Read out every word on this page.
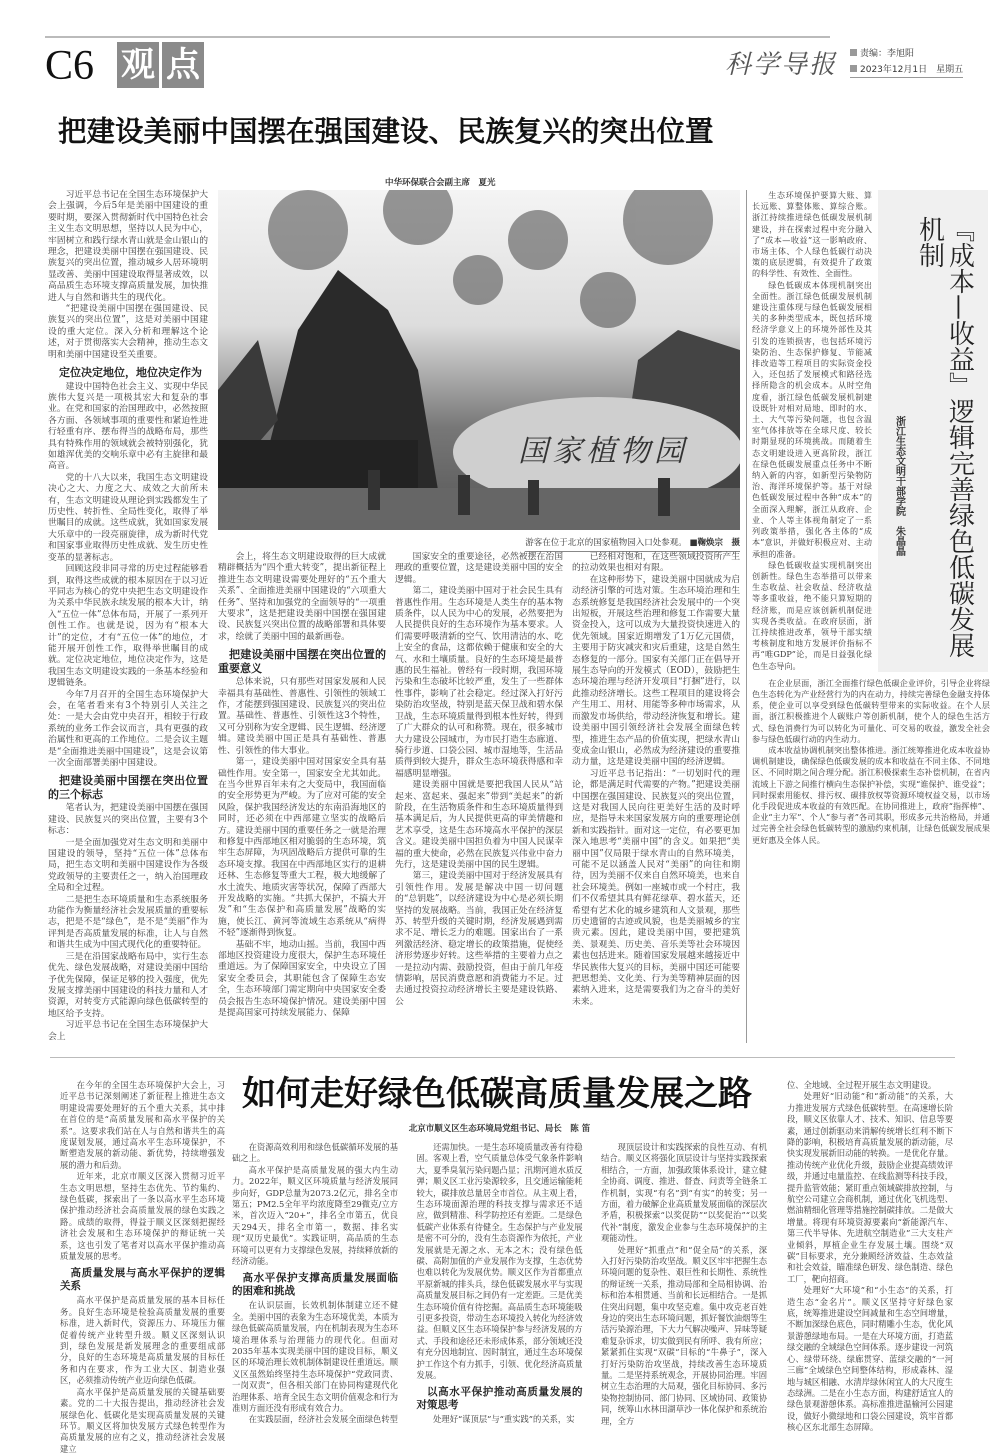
C6 观 点	科学导报	责编：李旭阳
2023年12月1日　星期五
把建设美丽中国摆在强国建设、民族复兴的突出位置
中华环保联合会副主席　夏光

习近平总书记在全国生态环境保护大会上强调，今后5年是美丽中国建设的重要时期，要深入贯彻新时代中国特色社会主义生态文明思想，坚持以人民为中心，牢固树立和践行绿水青山就是金山银山的理念，把建设美丽中国摆在强国建设、民族复兴的突出位置，推动城乡人居环境明显改善、美丽中国建设取得显著成效，以高品质生态环境支撑高质量发展，加快推进人与自然和谐共生的现代化。

“把建设美丽中国摆在强国建设、民族复兴的突出位置”，这是对美丽中国建设的重大定位。深入分析和理解这个论述，对于贯彻落实大会精神，推动生态文明和美丽中国建设至关重要。

定位决定地位，地位决定作为

建设中国特色社会主义、实现中华民族伟大复兴是一项极其宏大和复杂的事业。在党和国家的治国理政中，必然按照各方面、各领域事项的重要性和紧迫性进行轻重有序、摆布得当的战略布局，那些具有特殊作用的领域就会被特别强化，犹如雄浑优美的交响乐章中必有主旋律和最高音。

党的十八大以来，我国生态文明建设决心之大、力度之大、成效之大前所未有，生态文明建设从理论到实践都发生了历史性、转折性、全局性变化，取得了举世瞩目的成就。这些成就，犹如国家发展大乐章中的一段亮丽旋律，成为新时代党和国家事业取得历史性成就、发生历史性变革的显著标志。

回顾这段非同寻常的历史过程能够看到，取得这些成就的根本原因在于以习近平同志为核心的党中央把生态文明建设作为关系中华民族永续发展的根本大计，纳入“五位一体”总体布局，开展了一系列开创性工作。也就是说，因为有“根本大计”的定位，才有“五位一体”的地位，才能开展开创性工作，取得举世瞩目的成就。定位决定地位，地位决定作为，这是我国生态文明建设实践的一条基本经验和逻辑链条。

今年7月召开的全国生态环境保护大会，在笔者看来有3个特别引人关注之处：一是大会由党中央召开，相较于行政系统的业务工作会议而言，具有更强的政治属性和更高的工作地位。二是会议主题是“全面推进美丽中国建设”，这是会议第一次全面部署美丽中国建设。

把建设美丽中国摆在突出位置的三个标志

笔者认为，把建设美丽中国摆在强国建设、民族复兴的突出位置，主要有3个标志：

一是全面加强党对生态文明和美丽中国建设的领导，坚持“五位一体”总体布局，把生态文明和美丽中国建设作为各级党政领导的主要责任之一，纳入治国理政全局和全过程。

二是把生态环境质量和生态系统服务功能作为衡量经济社会发展质量的重要标志，把是不是“绿色”，是不是“美丽”作为评判是否高质量发展的标准，让人与自然和谐共生成为中国式现代化的重要特征。

三是在沿国家战略布局中，实行生态优先、绿色发展战略，对建设美丽中国给予优先保障，保证足够的投入强度，优先发展支撑美丽中国建设的科技力量和人才资源，对转变方式能源向绿色低碳转型的地区给予支持。

习近平总书记在全国生态环境保护大会上

国家植物园
游客在位于北京的国家植物园入口处参观。 ■鞠焕宗　摄

会上，将生态文明建设取得的巨大成就精辟概括为“四个重大转变”，提出新征程上推进生态文明建设需要处理好的“五个重大关系”、全面推进美丽中国建设的“六项重大任务”、坚持和加强党的全面领导的“一项重大要求”，这是把建设美丽中国摆在强国建设、民族复兴突出位置的战略部署和具体要求，绘就了美丽中国的最新画卷。

把建设美丽中国摆在突出位置的重要意义

总体来说，只有那些对国家发展和人民幸福具有基础性、普惠性、引领性的领域工作，才能摆到强国建设、民族复兴的突出位置。基础性、普惠性、引领性这3个特性，又可分别称为安全逻辑、民生逻辑、经济逻辑。建设美丽中国正是具有基础性、普惠性、引领性的伟大事业。

第一，建设美丽中国对国家安全具有基础性作用。安全第一，国家安全尤其如此。在当今世界百年未有之大变局中，我国面临的安全形势更为严峻。为了应对可能的安全风险，保护我国经济发达的东南沿海地区的同时，还必须在中西部建立坚实的战略后方。建设美丽中国的重要任务之一就是治理和修复中西部地区相对脆弱的生态环境，筑牢生态屏障，为巩固战略后方提供可靠的生态环境支撑。我国在中西部地区实行的退耕还林、生态修复等重大工程，极大地缓解了水土流失、地质灾害等状况，保障了西部大开发战略的实施。“共抓大保护，不搞大开发”和“生态保护和高质量发展”战略的实施，使长江、黄河等流域生态系统从“病得不轻”逐渐得到恢复。

基础不牢，地动山摇。当前，我国中西部地区投资建设力度很大，保护生态环境任重道远。为了保障国家安全，中央设立了国家安全委员会，其职能包含了保障生态安全，生态环境部门需定期向中央国家安全委员会报告生态环境保护情况。建设美丽中国是提高国家可持续发展能力、保障

国家安全的重要途径，必然被摆在治国理政的重要位置，这是建设美丽中国的安全逻辑。

第二，建设美丽中国对于社会民生具有普惠性作用。生态环境是人类生存的基本物质条件，以人民为中心的发展，必然要把为人民提供良好的生态环境作为基本要求。人们需要呼吸清新的空气、饮用清洁的水、吃上安全的食品，这都依赖于健康和安全的大气、水和土壤质量。良好的生态环境是最普惠的民生福祉。曾经有一段时期，我国环境污染和生态破坏比较严重，发生了一些群体性事件，影响了社会稳定。经过深入打好污染防治攻坚战，特别是蓝天保卫战和碧水保卫战，生态环境质量得到根本性好转，得到了广大群众的认可和称赞。现在，很多城市大力建设公园城市，为市民打造生态廊道、骑行步道、口袋公园、城市湿地等，生活品质得到较大提升，群众生态环境获得感和幸福感明显增强。

建设美丽中国就是要把我国人民从“站起来、富起来、强起来”带到“美起来”的新阶段，在生活物质条件和生态环境质量得到基本满足后，为人民提供更高的审美情趣和艺术享受，这是生态环境高水平保护的深层含义。建设美丽中国担负着为中国人民谋幸福的重大使命，必然在民族复兴伟业中奋力先行，这是建设美丽中国的民生逻辑。

第三，建设美丽中国对于经济发展具有引领性作用。发展是解决中国一切问题的“总钥匙”，以经济建设为中心是必须长期坚持的发展战略。当前，我国正处在经济复苏、转型升级的关键时期，经济发展遇到需求不足、增长乏力的难题。国家出台了一系列激活经济、稳定增长的政策措施，促使经济形势逐步好转。这些举措的主要着力点之一是拉动内需、鼓励投资，但由于前几年疫情影响，居民消费意愿和消费能力不足。过去通过投资拉动经济增长主要是建设铁路、公

已经相对饱和，在这些领域投资所产生的拉动效果也相对有限。

在这种形势下，建设美丽中国就成为启动经济引擎的可选对策。生态环境治理和生态系统修复是我国经济社会发展中的一个突出短板，开展这些治理和修复工作需要大量资金投入，这可以成为大量投资快速进入的优先领域。国家近期增发了1万亿元国债，主要用于防灾减灾和灾后重建，这是自然生态修复的一部分。国家有关部门正在倡导开展生态导向的开发模式（EOD），鼓励把生态环境治理与经济开发项目“打捆”进行，以此推动经济增长。这些工程项目的建设将会产生用工、用材、用能等多种市场需求，从而激发市场供给，带动经济恢复和增长。建设美丽中国引领经济社会发展全面绿色转型，推进生态产品的价值实现，把绿水青山变成金山银山，必然成为经济建设的重要推动力量，这是建设美丽中国的经济逻辑。

习近平总书记指出：“一切划时代的理论，都是满足时代需要的产物。”把建设美丽中国摆在强国建设、民族复兴的突出位置，这是对我国人民向往更美好生活的及时呼应，是指导未来国家发展方向的重要理论创新和实践指针。面对这一定位，有必要更加深入地思考“美丽中国”的含义。如果把“美丽中国”仅局限于绿水青山的自然环境美，可能不足以涵盖人民对“美丽”的向往和期待，因为美丽不仅来自自然环境美，也来自社会环境美。例如一座城市或一个村庄，我们不仅希望其具有鲜花绿草、碧水蓝天，还希望有艺术化的城乡建筑和人文景观，那些历史遗留的古迹或风貌，也是美丽城乡的宝贵元素。因此，建设美丽中国，要把建筑美、景观美、历史美、音乐美等社会环境因素也包括进来。随着国家发展越来越接近中华民族伟大复兴的目标，美丽中国还可能要把思想美、文化美、行为美等精神层面的因素纳入进来，这是需要我们为之奋斗的美好未来。

生态环境保护要算大账、算长远账、算整体账、算综合账。浙江持续推进绿色低碳发展机制建设，并在探索过程中充分融入了“成本—收益”这一影响政府、市场主体、个人绿色低碳行动决策的底层逻辑，有效提升了政策的科学性、有效性、全面性。

绿色低碳成本体现机制突出全面性。浙江绿色低碳发展机制建设注重体现与绿色低碳发展相关的多种类型成本，既包括环境经济学意义上的环境外部性及其引发的连锁损害，也包括环境污染防治、生态保护修复、节能减排改造等工程项目的实际资金投入，还包括了发展模式和路径选择所隐含的机会成本。从时空角度看，浙江绿色低碳发展机制建设既针对相对局地、即时的水、土、大气等污染问题，也包含温室气体排放等在全球尺度、较长时期显现的环境挑战。而随着生态文明建设进入更高阶段，浙江在绿色低碳发展重点任务中不断纳入新的内容，如新型污染物防治、海洋环境保护等。基于对绿色低碳发展过程中各种“成本”的全面深入理解，浙江从政府、企业、个人等主体视角制定了一系列政策举措，强化各主体的“成本”意识，并做好积极应对、主动承担的准备。

绿色低碳收益实现机制突出创新性。绿色生态举措可以带来生态收益、社会收益、经济收益等多重收益，绝不能只算短期的经济账，而是应该创新机制促进实现各类收益。在政府层面，浙江持续推进改革，领导干部实绩考核制度和地方发展评价指标不再“唯GDP”论，而是日益强化绿色生态导向。

『成本—收益』逻辑完善绿色低碳发展机制
浙江生态文明干部学院　朱晶晶

在企业层面，浙江全面推行绿色低碳企业评价，引导企业将绿色生态转化为产业经营行为的内在动力，持续完善绿色金融支持体系，使企业可以享受到绿色低碳转型带来的实际收益。在个人层面，浙江积极推进个人碳账户等创新机制，使个人的绿色生活方式、绿色消费行为可以转化为可量化、可交易的收益，激发全社会参与绿色低碳行动的内生动力。

成本收益协调机制突出整体推进。浙江统筹推进化成本收益协调机制建设，确保绿色低碳发展的成本和收益在不同主体、不同地区、不同时期之间合理分配。浙江积极探索生态补偿机制，在省内流域上下游之间推行横向生态保护补偿，实现“谁保护、谁受益”；同时探索用能权、排污权、碳排放权等资源环境权益交易，以市场化手段促进成本收益的有效匹配。在协同推进上，政府“指挥棒”、企业“主力军”、个人“参与者”各司其职，形成多元共治格局，并通过完善全社会绿色低碳转型的激励约束机制，让绿色低碳发展成果更好惠及全体人民。

在今年的全国生态环境保护大会上，习近平总书记深刻阐述了新征程上推进生态文明建设需要处理好的五个重大关系，其中排在首位的是“高质量发展和高水平保护的关系”。这要求我们站在人与自然和谐共生的高度谋划发展，通过高水平生态环境保护，不断塑造发展的新动能、新优势，持续增强发展的潜力和后劲。

近年来，北京市顺义区深入贯彻习近平生态文明思想，坚持生态优先、节约集约、绿色低碳，探索出了一条以高水平生态环境保护推动经济社会高质量发展的绿色实践之路。成绩的取得，得益于顺义区深刻把握经济社会发展和生态环境保护的辩证统一关系，这也引发了笔者对以高水平保护推动高质量发展的思考。

高质量发展与高水平保护的逻辑关系

高水平保护是高质量发展的基本目标任务。良好生态环境是检验高质量发展的重要标准，进入新时代，资源压力、环境压力催促着传统产业转型升级。顺义区深刻认识到，绿色发展是新发展理念的重要组成部分，良好的生态环境是高质量发展的目标任务和内在要求，作为工业大区、制造业强区，必须推动传统产业迈向绿色低碳。

高水平保护是高质量发展的关键基础要素。党的二十大报告提出，推动经济社会发展绿色化、低碳化是实现高质量发展的关键环节。顺义区将加快发展方式绿色转型作为高质量发展的应有之义，推动经济社会发展建立

如何走好绿色低碳高质量发展之路
北京市顺义区生态环境局党组书记、局长　陈 笛

在资源高效利用和绿色低碳循环发展的基础之上。

高水平保护是高质量发展的强大内生动力。2022年，顺义区环境质量与经济发展同步向好，GDP总量为2073.2亿元，排名全市第五；PM2.5全年平均浓度降至29微克/立方米，首次迈入“20+”，排名全市第五，优良天294天，排名全市第一，数据、排名实现“双历史最优”。实践证明，高品质的生态环境可以更有力支撑绿色发展，持续释放新的经济动能。

高水平保护支撑高质量发展面临的困难和挑战

在认识层面，长效机制体制建立还不健全。美丽中国的表象为生态环境优美，本质为绿色低碳高质量发展，内在机制表现为生态环境治理体系与治理能力的现代化。但面对2035年基本实现美丽中国的建设目标，顺义区的环境治理长效机制体制建设任重道远。顺义区虽然始终坚持生态环境保护“党政同责、一岗双责”，但各相关部门在协同构建现代化治理体系、培育全民生态文明价值观念和行为准则方面还没有形成有效合力。

在实践层面，经济社会发展全面绿色转型

还需加快。一是生态环境质量改善有待稳固。客观上看，空气质量总体受气象条件影响大，夏季臭氧污染问题凸显；汛期河道水质反弹；顺义区工业污染源较多，且交通运输能耗较大，碳排放总量居全市首位。从主观上看，生态环境面源治理的科技支撑与需求还不适应，做到精准、科学防控还有差距。二是绿色低碳产业体系有待健全。生态保护与产业发展是密不可分的，没有生态资源作为依托，产业发展就是无源之水、无本之木；没有绿色低碳、高附加值的产业发展作为支撑，生态优势也难以转化为发展优势。顺义区作为首都重点平原新城的排头兵，绿色低碳发展水平与实现高质量发展目标之间仍有一定差距。三是优美生态环境价值有待挖掘。高品质生态环境能吸引更多投资，带动生态环境投入转化为经济效益。但顺义区生态环境保护参与经济发展的方式、手段和途径还未形成体系，部分领域还没有充分因地制宜、因时制宜，通过生态环境保护工作这个有力抓手，引领、优化经济高质量发展。

以高水平保护推动高质量发展的对策思考

处理好“谋顶层”与“重实践”的关系，实

现顶层设计和实践探索的良性互动、有机结合。顺义区将强化顶层设计与坚持实践探索相结合，一方面，加强政策体系设计，建立健全协商、调度、推进、督查、问责等全链条工作机制，实现“有名”到“有实”的转变；另一方面，着力破解企业高质量发展面临的深层次矛盾，积极探索“以奖促防”“以奖促治”“以奖代补”制度，激发企业参与生态环境保护的主观能动性。

处理好“抓重点”和“促全局”的关系，深入打好污染防治攻坚战。顺义区牢牢把握生态环境问题的复杂性、艰巨性和长期性、系统性的辩证统一关系，推动局部和全局相协调、治标和治本相贯通、当前和长远相结合。一是抓住突出问题，集中攻坚克难。集中攻克老百姓身边的突出生态环境问题，抓好餐饮油烟等生活污染源治理，下大力气解决噪声、异味等疑难复杂诉求，切实做到民有所呼、我有所应；紧紧抓住实现“双碳”目标的“牛鼻子”，深入打好污染防治攻坚战，持续改善生态环境质量。二是坚持系统观念，开展协同治理。牢固树立生态治理的大局观，强化目标协同、多污染物控制协同、部门协同、区域协同、政策协同，统筹山水林田湖草沙一体化保护和系统治理，全方

位、全地域、全过程开展生态文明建设。

处理好“旧动能”和“新动能”的关系，大力推进发展方式绿色低碳转型。在高速增长阶段，顺义区依靠人才、技术、知识、信息等要素，通过创新驱动来消解传统增长红利不断下降的影响，积极培育高质量发展的新动能，尽快实现发展新旧动能的转换。一是优化存量。推动传统产业优化升级，鼓励企业提高绩效评级，并通过电量监控、在线监测等科技手段，提升监管效能；紧盯重点领域碳排放控制，与航空公司建立会商机制，通过优化飞机选型、燃油精细化管理等措施控制碳排放。二是做大增量。将现有环境资源要素向“新能源汽车、第三代半导体、先进航空制造业”三大支柱产业倾斜，厚植企业生存发展土壤。围绕“双碳”目标要求，充分兼顾经济效益、生态效益和社会效益，瞄准绿色研发、绿色制造、绿色工厂，靶向招商。

处理好“大环境”和“小生态”的关系，打造生态“金名片”。顺义区坚持守好绿色家底，统筹推进建设空间减量和生态空间增量，不断加深绿色底色，同时精雕小生态，优化风景游憩绿地布局。一是在大环境方面，打造蓝绿交融的全域绿色空间体系。逐步建设一河筑心、绿带环绕、绿廊贯穿、蓝绿交融的“一河三廊”全域绿色空间整体结构，形成森林、湿地与城区相融、水清岸绿休闲宜人的大尺度生态绿洲。二是在小生态方面，构建舒适宜人的绿色景观游憩体系。高标准推进温榆河公园建设，做好小微绿地和口袋公园建设，筑牢首都核心区东北部生态屏障。
